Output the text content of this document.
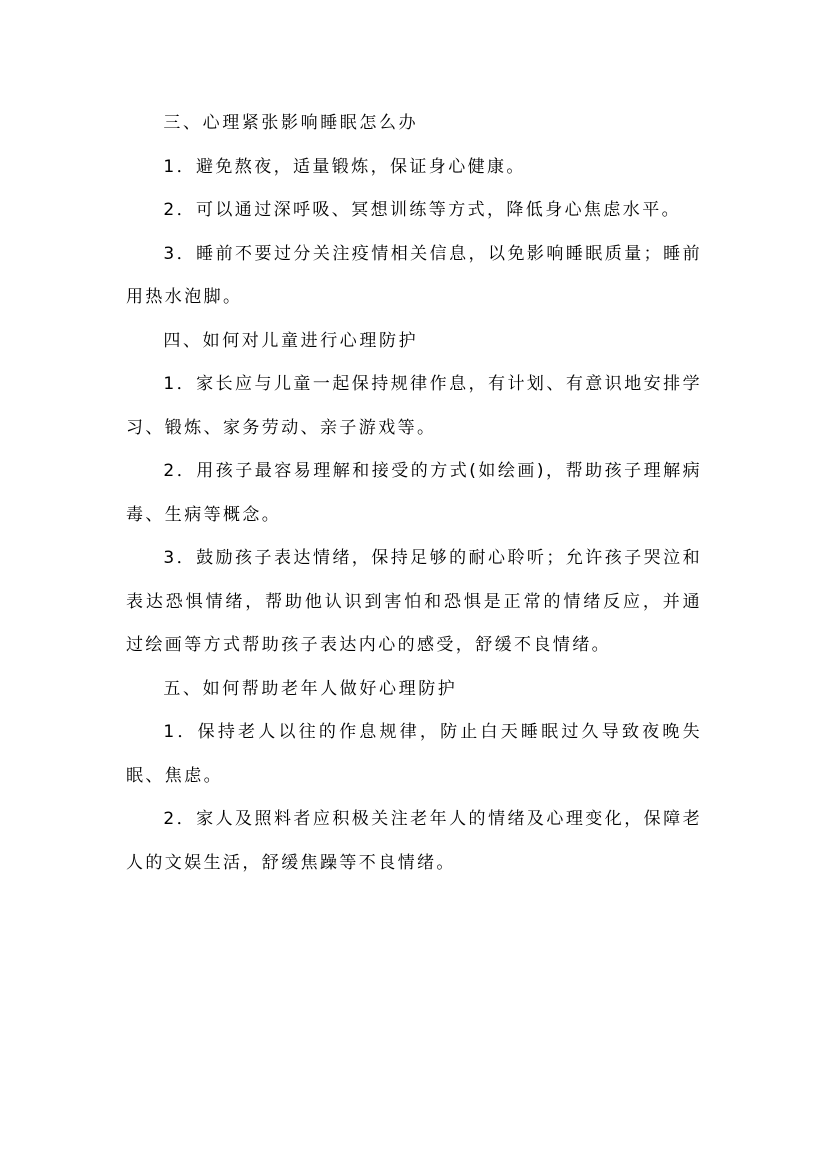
三、心理紧张影响睡眠怎么办

1．避免熬夜，适量锻炼，保证身心健康。

2．可以通过深呼吸、冥想训练等方式，降低身心焦虑水平。

3．睡前不要过分关注疫情相关信息，以免影响睡眠质量；睡前用热水泡脚。

四、如何对儿童进行心理防护

1．家长应与儿童一起保持规律作息，有计划、有意识地安排学习、锻炼、家务劳动、亲子游戏等。

2．用孩子最容易理解和接受的方式(如绘画)，帮助孩子理解病毒、生病等概念。

3．鼓励孩子表达情绪，保持足够的耐心聆听；允许孩子哭泣和表达恐惧情绪，帮助他认识到害怕和恐惧是正常的情绪反应，并通过绘画等方式帮助孩子表达内心的感受，舒缓不良情绪。

五、如何帮助老年人做好心理防护

1．保持老人以往的作息规律，防止白天睡眠过久导致夜晚失眠、焦虑。

2．家人及照料者应积极关注老年人的情绪及心理变化，保障老人的文娱生活，舒缓焦躁等不良情绪。
